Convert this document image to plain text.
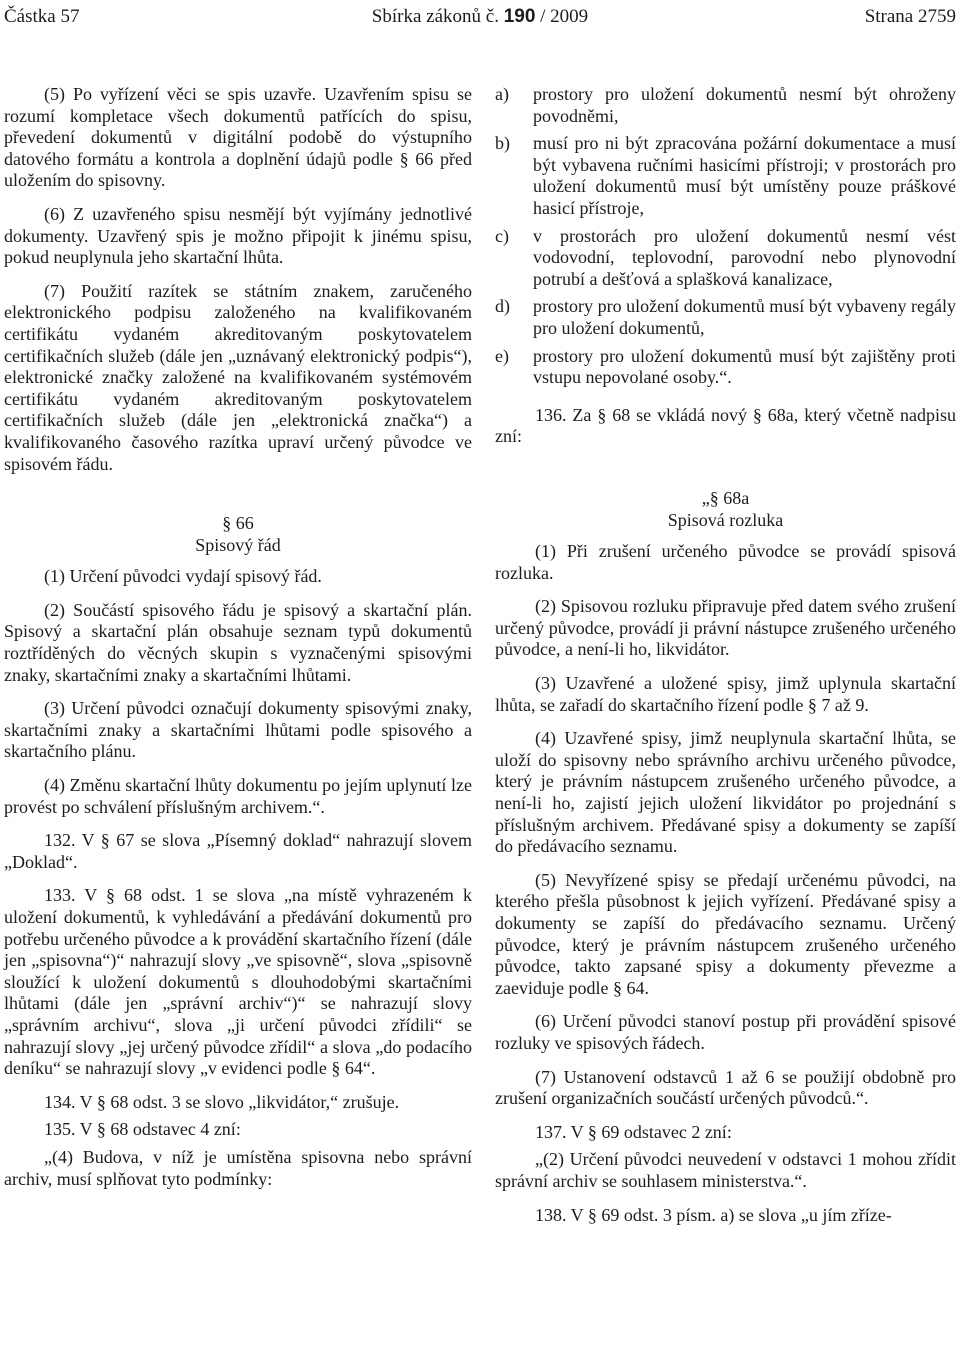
Částka 57	Sbírka zákonů č. 190 / 2009	Strana 2759

(5) Po vyřízení věci se spis uzavře. Uzavřením spisu se rozumí kompletace všech dokumentů patřících do spisu, převedení dokumentů v digitální podobě do výstupního datového formátu a kontrola a doplnění údajů podle § 66 před uložením do spisovny.

(6) Z uzavřeného spisu nesmějí být vyjímány jednotlivé dokumenty. Uzavřený spis je možno připojit k jinému spisu, pokud neuplynula jeho skartační lhůta.

(7) Použití razítek se státním znakem, zaručeného elektronického podpisu založeného na kvalifikovaném certifikátu vydaném akreditovaným poskytovatelem certifikačních služeb (dále jen „uznávaný elektronický podpis“), elektronické značky založené na kvalifikovaném systémovém certifikátu vydaném akreditovaným poskytovatelem certifikačních služeb (dále jen „elektronická značka“) a kvalifikovaného časového razítka upraví určený původce ve spisovém řádu.

§ 66
Spisový řád

(1) Určení původci vydají spisový řád.

(2) Součástí spisového řádu je spisový a skartační plán. Spisový a skartační plán obsahuje seznam typů dokumentů roztříděných do věcných skupin s vyznačenými spisovými znaky, skartačními znaky a skartačními lhůtami.

(3) Určení původci označují dokumenty spisovými znaky, skartačními znaky a skartačními lhůtami podle spisového a skartačního plánu.

(4) Změnu skartační lhůty dokumentu po jejím uplynutí lze provést po schválení příslušným archivem.“.

132. V § 67 se slova „Písemný doklad“ nahrazují slovem „Doklad“.

133. V § 68 odst. 1 se slova „na místě vyhrazeném k uložení dokumentů, k vyhledávání a předávání dokumentů pro potřebu určeného původce a k provádění skartačního řízení (dále jen „spisovna“)“ nahrazují slovy „ve spisovně“, slova „spisovně sloužící k uložení dokumentů s dlouhodobými skartačními lhůtami (dále jen „správní archiv“)“ se nahrazují slovy „správním archivu“, slova „ji určení původci zřídili“ se nahrazují slovy „jej určený původce zřídil“ a slova „do podacího deníku“ se nahrazují slovy „v evidenci podle § 64“.

134. V § 68 odst. 3 se slovo „likvidátor,“ zrušuje.

135. V § 68 odstavec 4 zní:

„(4) Budova, v níž je umístěna spisovna nebo správní archiv, musí splňovat tyto podmínky:

a) prostory pro uložení dokumentů nesmí být ohroženy povodněmi,
b) musí pro ni být zpracována požární dokumentace a musí být vybavena ručními hasicími přístroji; v prostorách pro uložení dokumentů musí být umístěny pouze práškové hasicí přístroje,
c) v prostorách pro uložení dokumentů nesmí vést vodovodní, teplovodní, parovodní nebo plynovodní potrubí a dešťová a splašková kanalizace,
d) prostory pro uložení dokumentů musí být vybaveny regály pro uložení dokumentů,
e) prostory pro uložení dokumentů musí být zajištěny proti vstupu nepovolané osoby.“.

136. Za § 68 se vkládá nový § 68a, který včetně nadpisu zní:

„§ 68a
Spisová rozluka

(1) Při zrušení určeného původce se provádí spisová rozluka.

(2) Spisovou rozluku připravuje před datem svého zrušení určený původce, provádí ji právní nástupce zrušeného určeného původce, a není-li ho, likvidátor.

(3) Uzavřené a uložené spisy, jimž uplynula skartační lhůta, se zařadí do skartačního řízení podle § 7 až 9.

(4) Uzavřené spisy, jimž neuplynula skartační lhůta, se uloží do spisovny nebo správního archivu určeného původce, který je právním nástupcem zrušeného určeného původce, a není-li ho, zajistí jejich uložení likvidátor po projednání s příslušným archivem. Předávané spisy a dokumenty se zapíší do předávacího seznamu.

(5) Nevyřízené spisy se předají určenému původci, na kterého přešla působnost k jejich vyřízení. Předávané spisy a dokumenty se zapíší do předávacího seznamu. Určený původce, který je právním nástupcem zrušeného určeného původce, takto zapsané spisy a dokumenty převezme a zaeviduje podle § 64.

(6) Určení původci stanoví postup při provádění spisové rozluky ve spisových řádech.

(7) Ustanovení odstavců 1 až 6 se použijí obdobně pro zrušení organizačních součástí určených původců.“.

137. V § 69 odstavec 2 zní:

„(2) Určení původci neuvedení v odstavci 1 mohou zřídit správní archiv se souhlasem ministerstva.“.

138. V § 69 odst. 3 písm. a) se slova „u jím zříze-
